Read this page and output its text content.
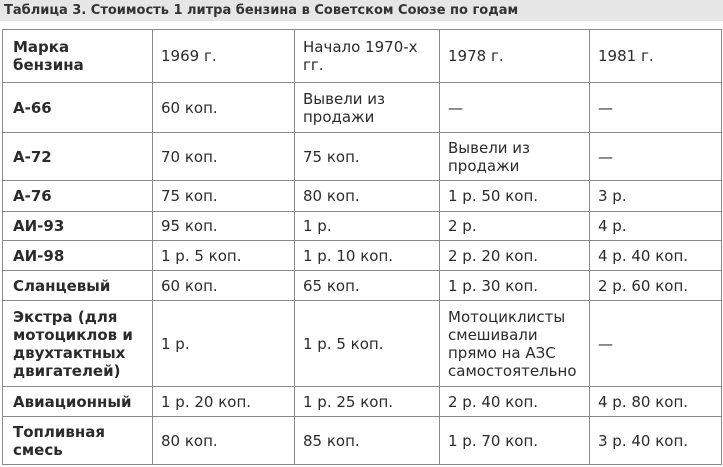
Таблица 3. Стоимость 1 литра бензина в Советском Союзе по годам
Марка бензина	1969 г.	Начало 1970-х гг.	1978 г.	1981 г.
А-66	60 коп.	Вывели из продажи	—	—
А-72	70 коп.	75 коп.	Вывели из продажи	—
А-76	75 коп.	80 коп.	1 р. 50 коп.	3 р.
АИ-93	95 коп.	1 р.	2 р.	4 р.
АИ-98	1 р. 5 коп.	1 р. 10 коп.	2 р. 20 коп.	4 р. 40 коп.
Сланцевый	60 коп.	65 коп.	1 р. 30 коп.	2 р. 60 коп.
Экстра (для мотоциклов и двухтактных двигателей)	1 р.	1 р. 5 коп.	Мотоциклисты смешивали прямо на АЗС самостоятельно	—
Авиационный	1 р. 20 коп.	1 р. 25 коп.	2 р. 40 коп.	4 р. 80 коп.
Топливная смесь	80 коп.	85 коп.	1 р. 70 коп.	3 р. 40 коп.
